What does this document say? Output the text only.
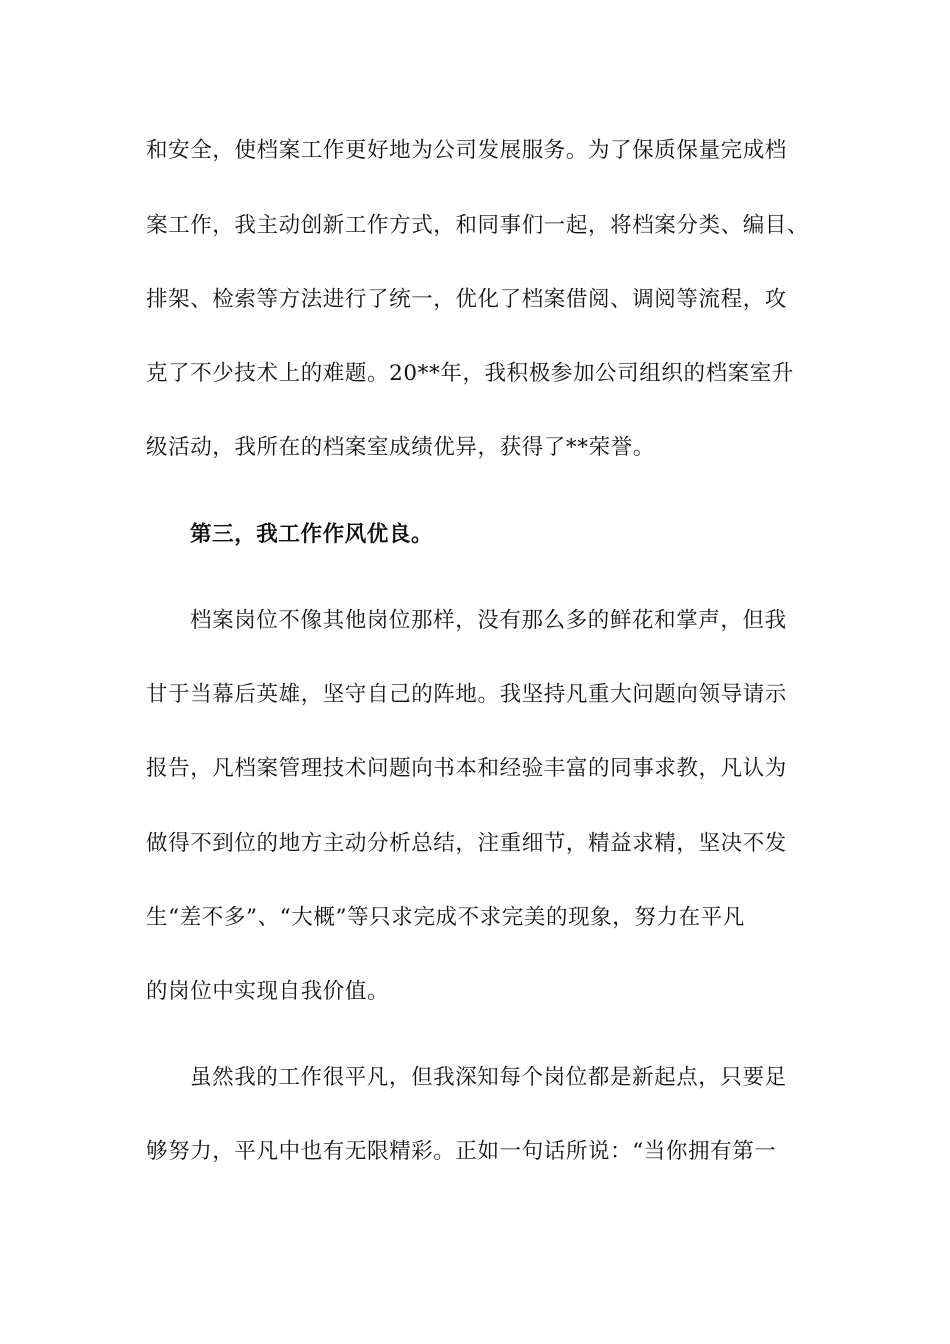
和安全，使档案工作更好地为公司发展服务。为了保质保量完成档
案工作，我主动创新工作方式，和同事们一起，将档案分类、编目、
排架、检索等方法进行了统一，优化了档案借阅、调阅等流程，攻
克了不少技术上的难题。20**年，我积极参加公司组织的档案室升
级活动，我所在的档案室成绩优异，获得了**荣誉。
第三，我工作作风优良。
档案岗位不像其他岗位那样，没有那么多的鲜花和掌声，但我
甘于当幕后英雄，坚守自己的阵地。我坚持凡重大问题向领导请示
报告，凡档案管理技术问题向书本和经验丰富的同事求教，凡认为
做得不到位的地方主动分析总结，注重细节，精益求精，坚决不发
生“差不多”、“大概”等只求完成不求完美的现象，努力在平凡
的岗位中实现自我价值。
虽然我的工作很平凡，但我深知每个岗位都是新起点，只要足
够努力，平凡中也有无限精彩。正如一句话所说：“当你拥有第一
